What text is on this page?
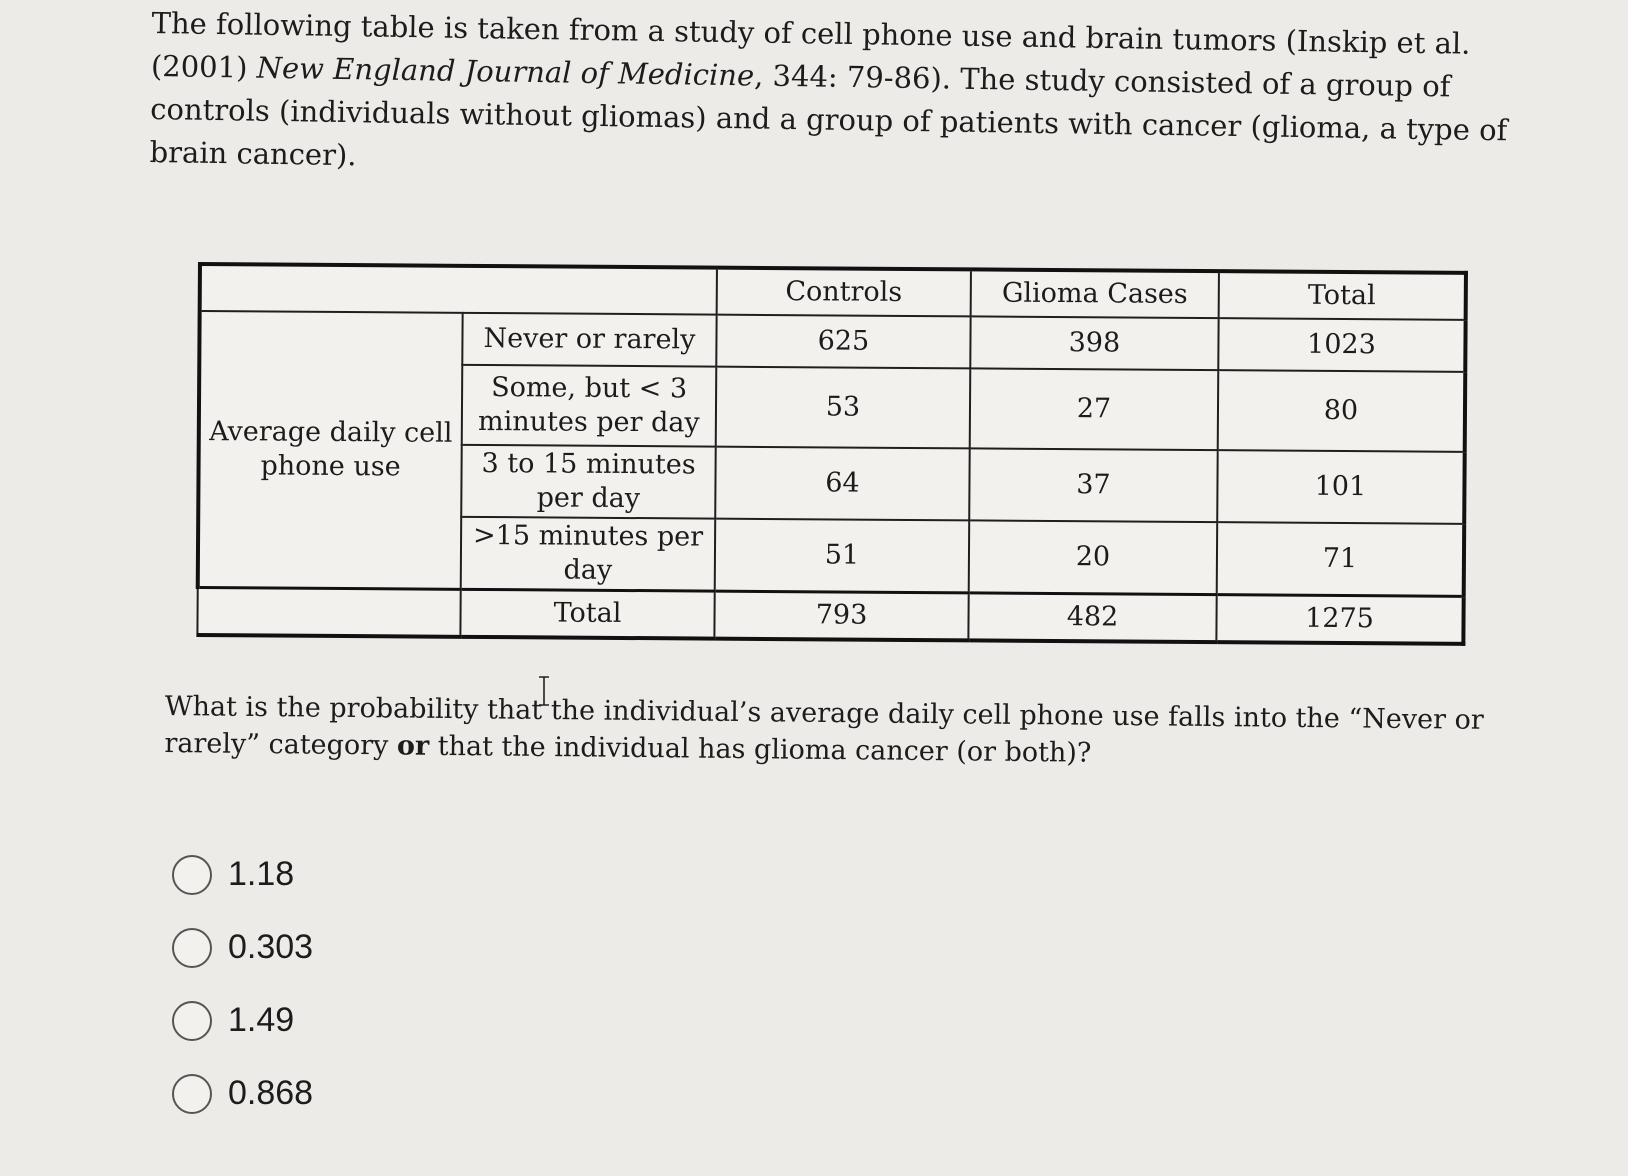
The following table is taken from a study of cell phone use and brain tumors (Inskip et al. (2001) New England Journal of Medicine, 344: 79-86). The study consisted of a group of controls (individuals without gliomas) and a group of patients with cancer (glioma, a type of brain cancer).
		Controls	Glioma Cases	Total
Average daily cell phone use	Never or rarely	625	398	1023
	Some, but < 3 minutes per day	53	27	80
	3 to 15 minutes per day	64	37	101
	>15 minutes per day	51	20	71
	Total	793	482	1275
What is the probability that the individual’s average daily cell phone use falls into the “Never or rarely” category or that the individual has glioma cancer (or both)?
1.18
0.303
1.49
0.868
